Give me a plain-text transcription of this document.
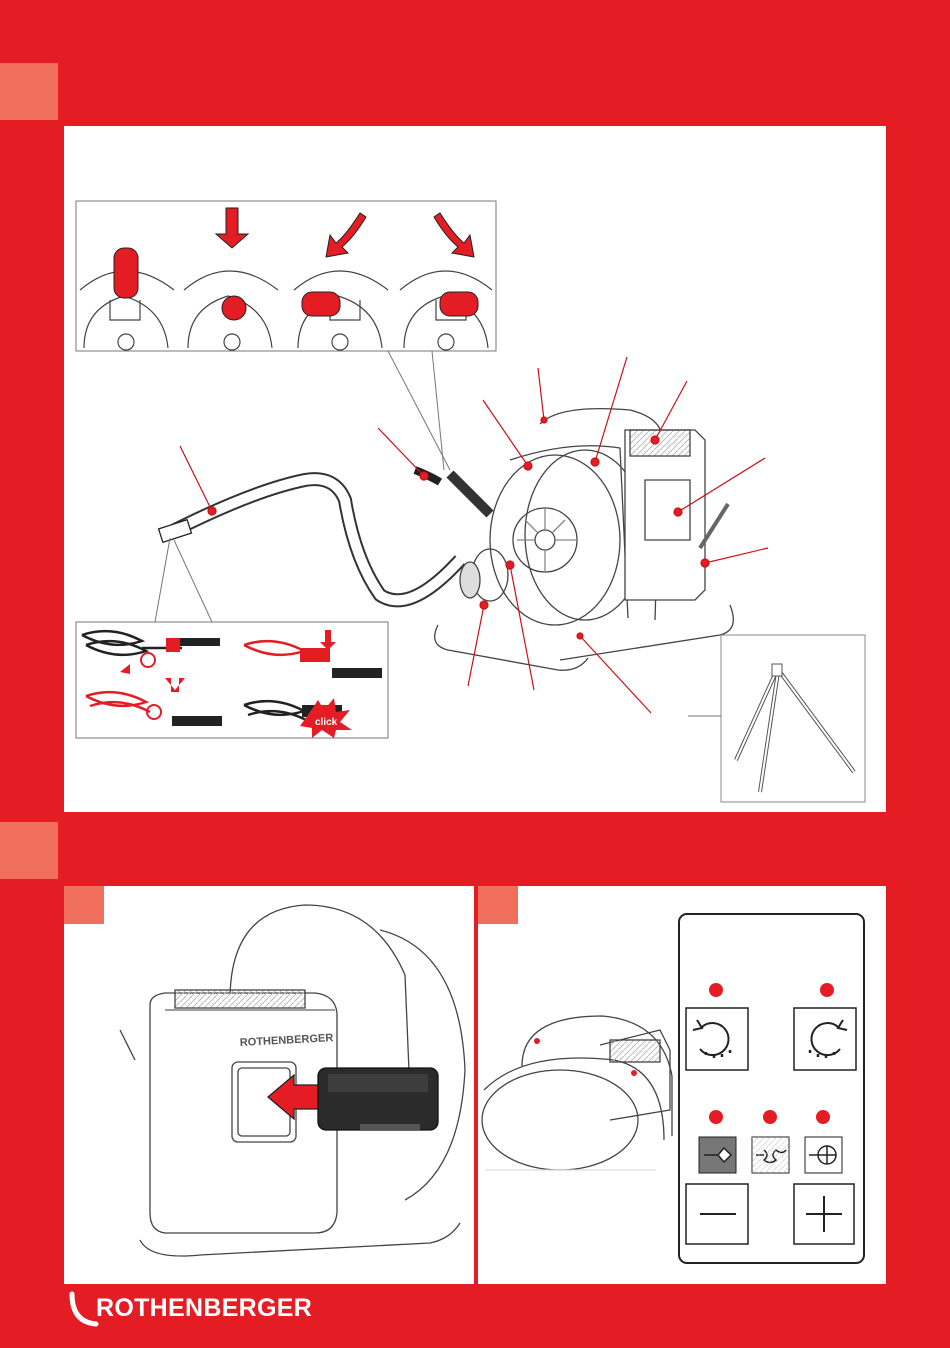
click
ROTHENBERGER
ROTHENBERGER
